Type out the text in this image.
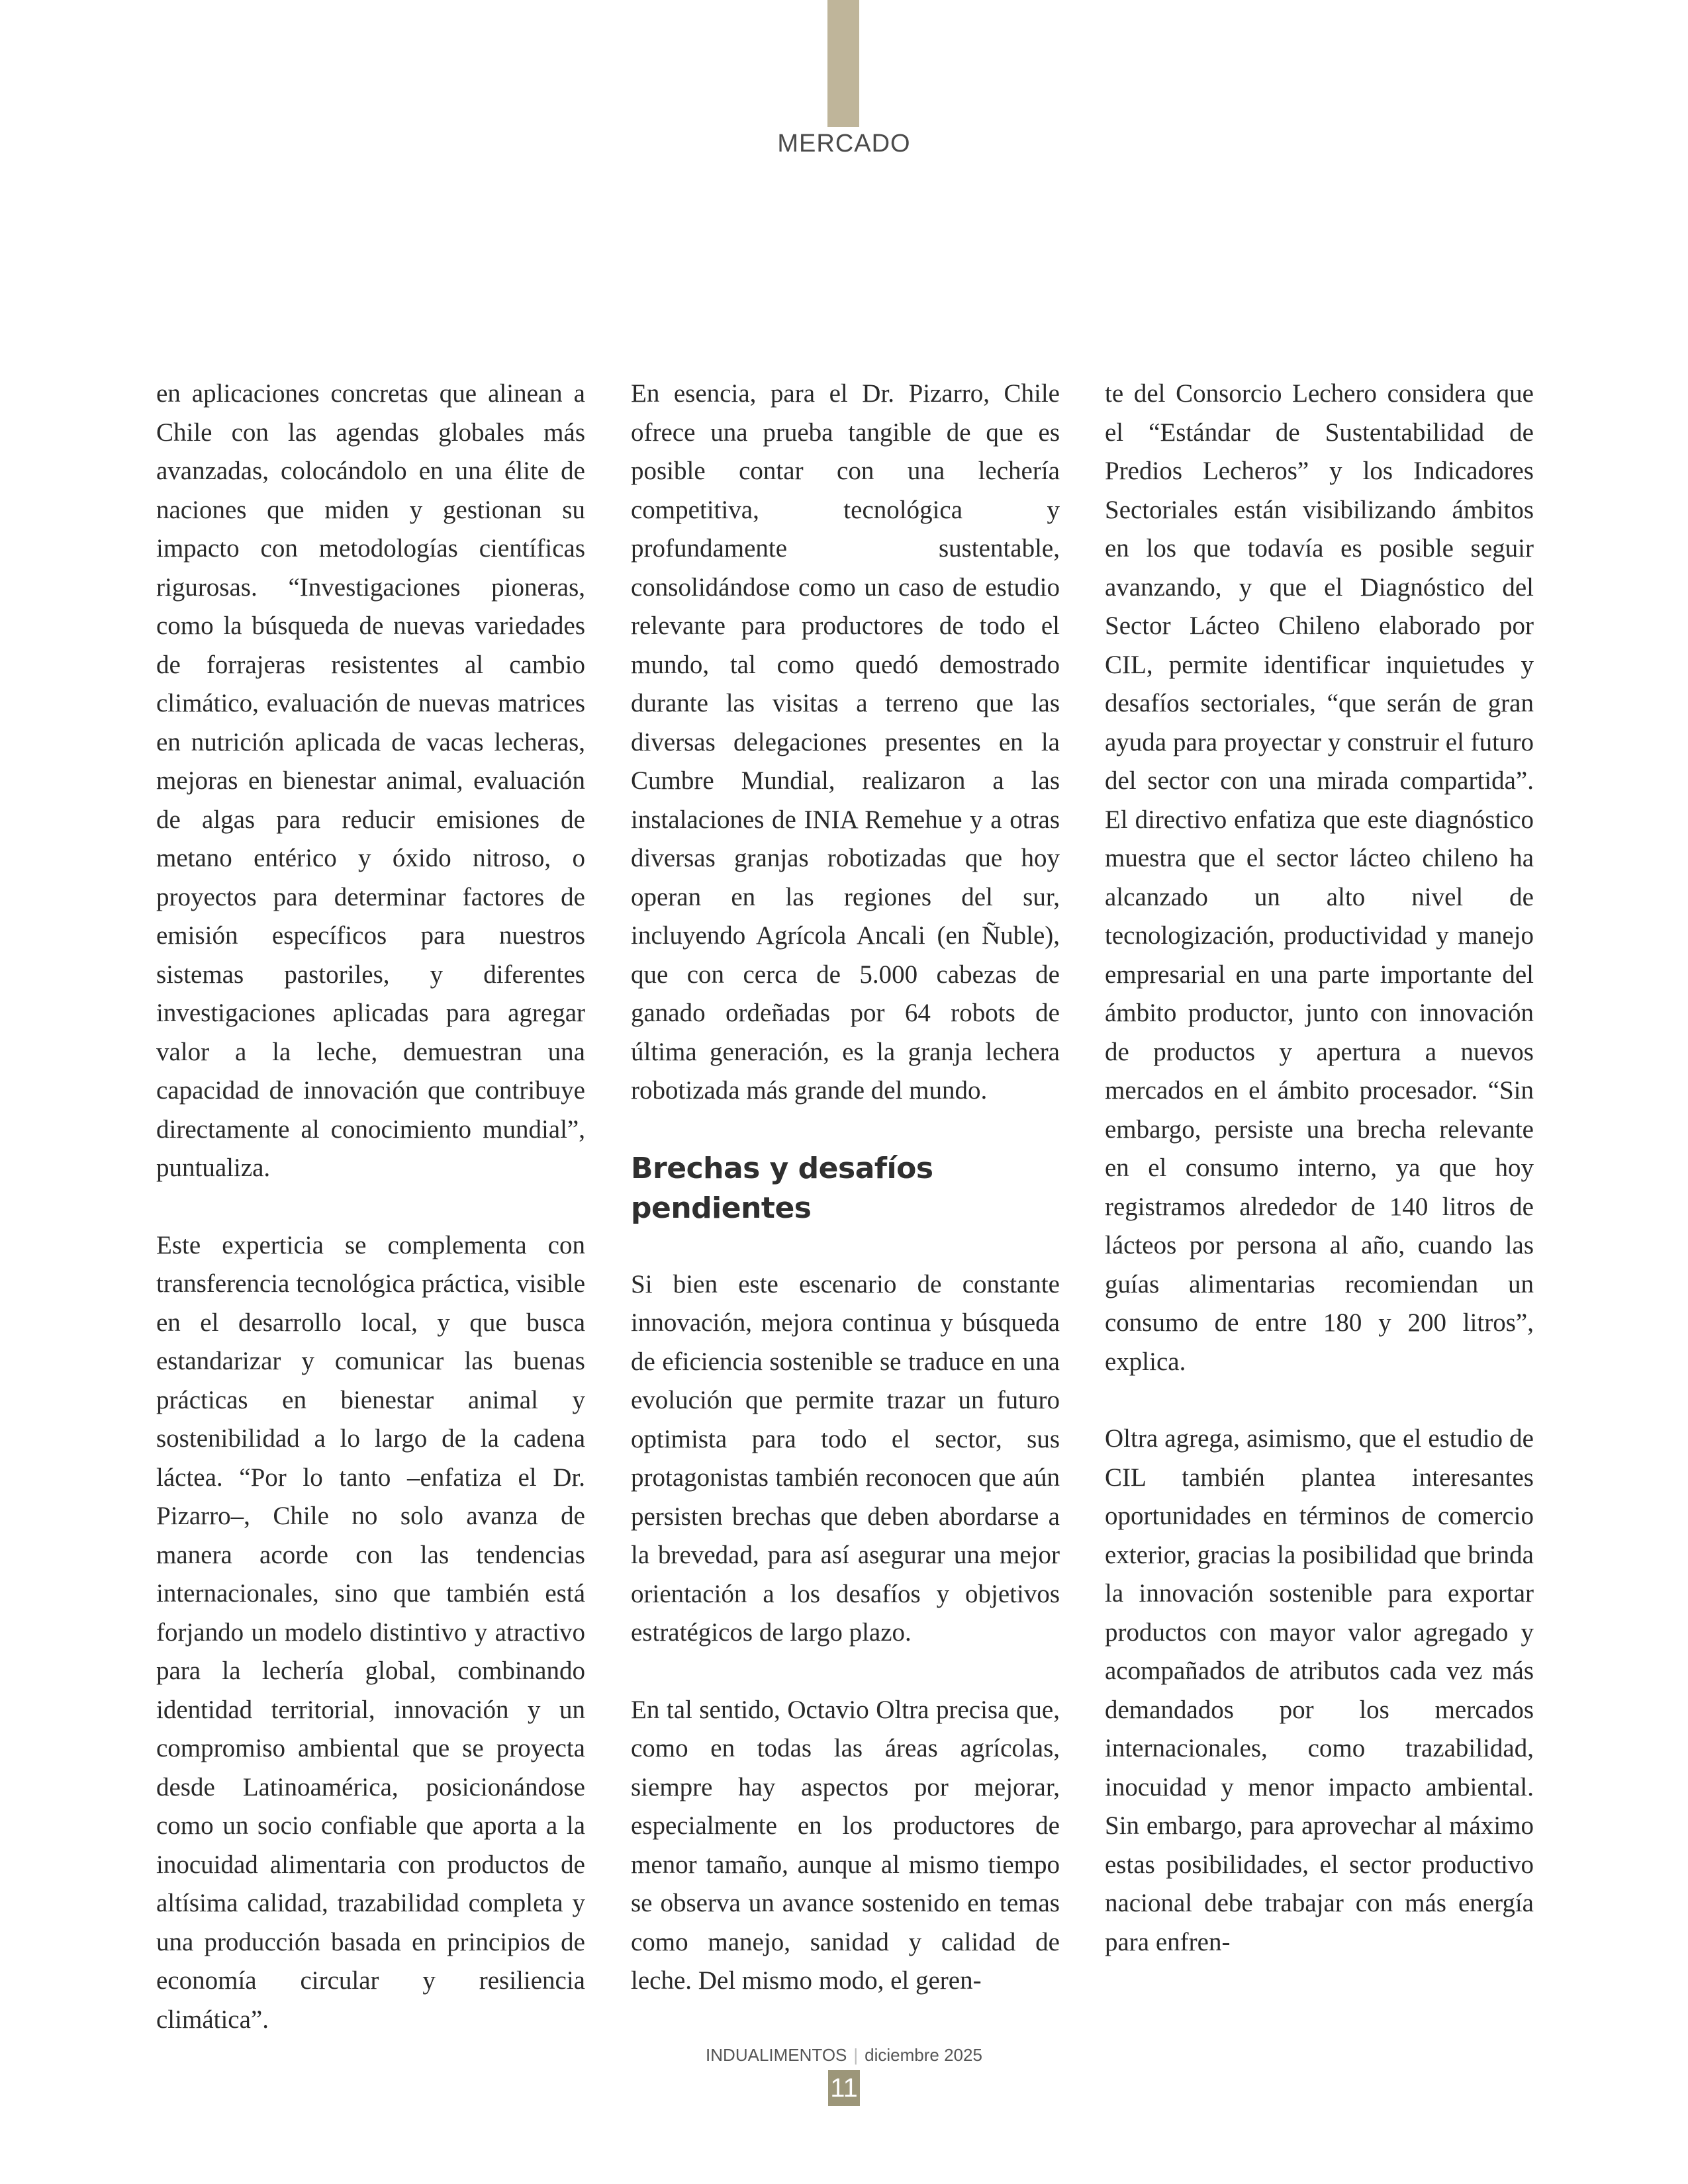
MERCADO

en aplicaciones concretas que alinean a Chile con las agendas globales más avanzadas, colocándolo en una élite de naciones que miden y gestionan su impacto con metodologías científicas rigurosas. “Investigaciones pioneras, como la búsqueda de nuevas variedades de forrajeras resistentes al cambio climático, evaluación de nuevas matrices en nutrición aplicada de vacas lecheras, mejoras en bienestar animal, evaluación de algas para reducir emisiones de metano entérico y óxido nitroso, o proyectos para determinar factores de emisión específicos para nuestros sistemas pastoriles, y diferentes investigaciones aplicadas para agregar valor a la leche, demuestran una capacidad de innovación que contribuye directamente al conocimiento mundial”, puntualiza.

Este experticia se complementa con transferencia tecnológica práctica, visible en el desarrollo local, y que busca estandarizar y comunicar las buenas prácticas en bienestar animal y sostenibilidad a lo largo de la cadena láctea. “Por lo tanto –enfatiza el Dr. Pizarro–, Chile no solo avanza de manera acorde con las tendencias internacionales, sino que también está forjando un modelo distintivo y atractivo para la lechería global, combinando identidad territorial, innovación y un compromiso ambiental que se proyecta desde Latinoamérica, posicionándose como un socio confiable que aporta a la inocuidad alimentaria con productos de altísima calidad, trazabilidad completa y una producción basada en principios de economía circular y resiliencia climática”.

En esencia, para el Dr. Pizarro, Chile ofrece una prueba tangible de que es posible contar con una lechería competitiva, tecnológica y profundamente sustentable, consolidándose como un caso de estudio relevante para productores de todo el mundo, tal como quedó demostrado durante las visitas a terreno que las diversas delegaciones presentes en la Cumbre Mundial, realizaron a las instalaciones de INIA Remehue y a otras diversas granjas robotizadas que hoy operan en las regiones del sur, incluyendo Agrícola Ancali (en Ñuble), que con cerca de 5.000 cabezas de ganado ordeñadas por 64 robots de última generación, es la granja lechera robotizada más grande del mundo.

Brechas y desafíos pendientes

Si bien este escenario de constante innovación, mejora continua y búsqueda de eficiencia sostenible se traduce en una evolución que permite trazar un futuro optimista para todo el sector, sus protagonistas también reconocen que aún persisten brechas que deben abordarse a la brevedad, para así asegurar una mejor orientación a los desafíos y objetivos estratégicos de largo plazo.

En tal sentido, Octavio Oltra precisa que, como en todas las áreas agrícolas, siempre hay aspectos por mejorar, especialmente en los productores de menor tamaño, aunque al mismo tiempo se observa un avance sostenido en temas como manejo, sanidad y calidad de leche. Del mismo modo, el geren-

te del Consorcio Lechero considera que el “Estándar de Sustentabilidad de Predios Lecheros” y los Indicadores Sectoriales están visibilizando ámbitos en los que todavía es posible seguir avanzando, y que el Diagnóstico del Sector Lácteo Chileno elaborado por CIL, permite identificar inquietudes y desafíos sectoriales, “que serán de gran ayuda para proyectar y construir el futuro del sector con una mirada compartida”. El directivo enfatiza que este diagnóstico muestra que el sector lácteo chileno ha alcanzado un alto nivel de tecnologización, productividad y manejo empresarial en una parte importante del ámbito productor, junto con innovación de productos y apertura a nuevos mercados en el ámbito procesador. “Sin embargo, persiste una brecha relevante en el consumo interno, ya que hoy registramos alrededor de 140 litros de lácteos por persona al año, cuando las guías alimentarias recomiendan un consumo de entre 180 y 200 litros”, explica.

Oltra agrega, asimismo, que el estudio de CIL también plantea interesantes oportunidades en términos de comercio exterior, gracias la posibilidad que brinda la innovación sostenible para exportar productos con mayor valor agregado y acompañados de atributos cada vez más demandados por los mercados internacionales, como trazabilidad, inocuidad y menor impacto ambiental. Sin embargo, para aprovechar al máximo estas posibilidades, el sector productivo nacional debe trabajar con más energía para enfren-

INDUALIMENTOS | diciembre 2025
11
